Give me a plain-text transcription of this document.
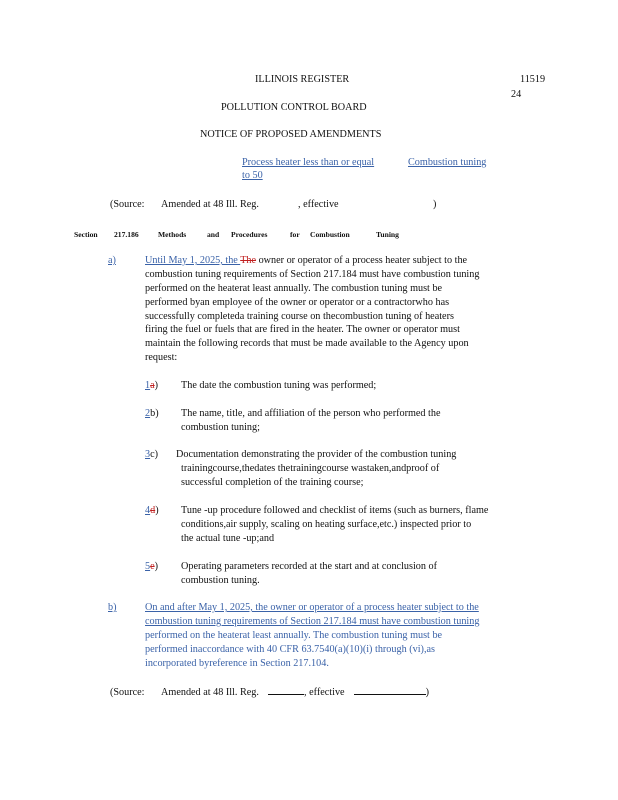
ILLINOIS REGISTER	11519
24
POLLUTION CONTROL BOARD
NOTICE OF PROPOSED AMENDMENTS
Process heater less than or equal	Combustion tuning
to 50
(Source: Amended at 48 Ill. Reg.	, effective	)
Section 217.186	Methods	and Procedures	for Combustion	Tuning
a)	Until May 1, 2025, the The owner or operator of a process heater subject to the
combustion tuning requirements of Section 217.184 must have combustion tuning
performed on the heaterat least annually. The combustion tuning must be
performed byan employee of the owner or operator or a contractorwho has
successfully completeda training course on thecombustion tuning of heaters
firing the fuel or fuels that are fired in the heater. The owner or operator must
maintain the following records that must be made available to the Agency upon
request:
1a) The date the combustion tuning was performed;
2b) The name, title, and affiliation of the person who performed the
combustion tuning;
3c) Documentation demonstrating the provider of the combustion tuning
trainingcourse,thedates thetrainingcourse wastaken,andproof of
successful completion of the training course;
4d) Tune -up procedure followed and checklist of items (such as burners, flame
conditions,air supply, scaling on heating surface,etc.) inspected prior to
the actual tune -up;and
5e) Operating parameters recorded at the start and at conclusion of
combustion tuning.
b)	On and after May 1, 2025, the owner or operator of a process heater subject to the
combustion tuning requirements of Section 217.184 must have combustion tuning
performed on the heaterat least annually. The combustion tuning must be
performed inaccordance with 40 CFR 63.7540(a)(10)(i) through (vi),as
incorporated byreference in Section 217.104.
(Source: Amended at 48 Ill. Reg.	, effective	)
